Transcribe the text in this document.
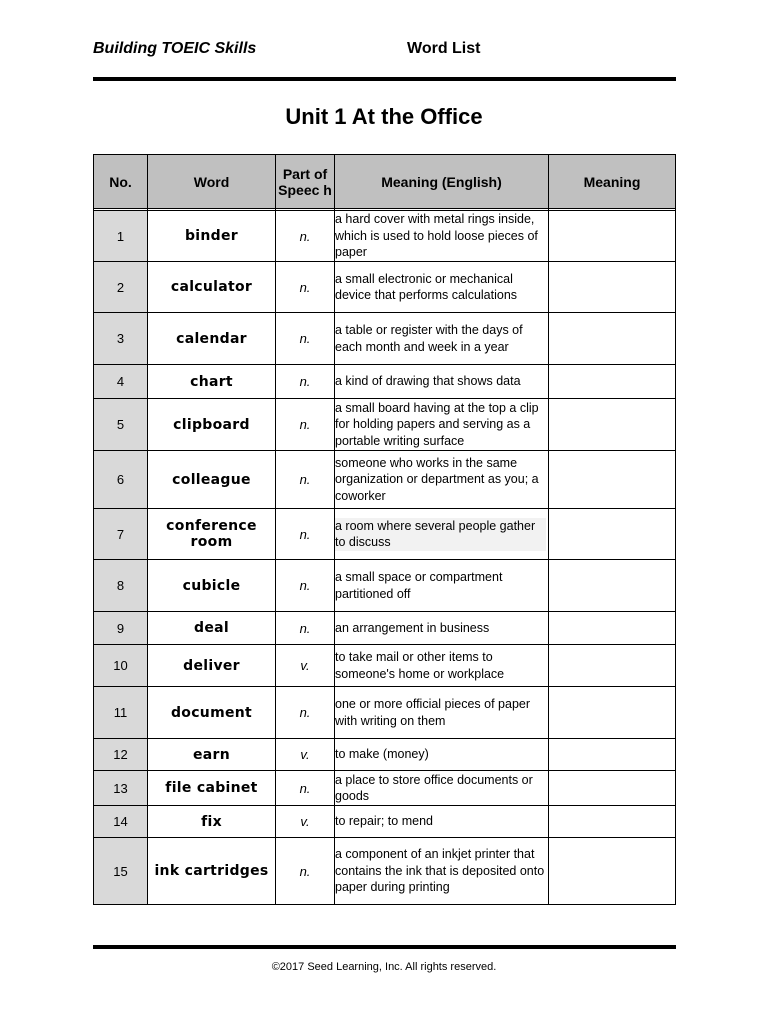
Building TOEIC Skills	Word List
Unit 1 At the Office
No.	Word	Part of Speec h	Meaning (English)	Meaning

1	binder	n.	a hard cover with metal rings inside, which is used to hold loose pieces of paper	
2	calculator	n.	a small electronic or mechanical device that performs calculations	
3	calendar	n.	a table or register with the days of each month and week in a year	
4	chart	n.	a kind of drawing that shows data	
5	clipboard	n.	a small board having at the top a clip for holding papers and serving as a portable writing surface	
6	colleague	n.	someone who works in the same organization or department as you; a coworker	
7	conference room	n.	a room where several people gather to discuss	

8	cubicle	n.	a small space or compartment partitioned off	
9	deal	n.	an arrangement in business	
10	deliver	v.	to take mail or other items to someone's home or workplace	
11	document	n.	one or more official pieces of paper with writing on them	
12	earn	v.	to make (money)	
13	file cabinet	n.	a place to store office documents or goods	
14	fix	v.	to repair; to mend	
15	ink cartridges	n.	a component of an inkjet printer that contains the ink that is deposited onto paper during printing	
©2017 Seed Learning, Inc. All rights reserved.
